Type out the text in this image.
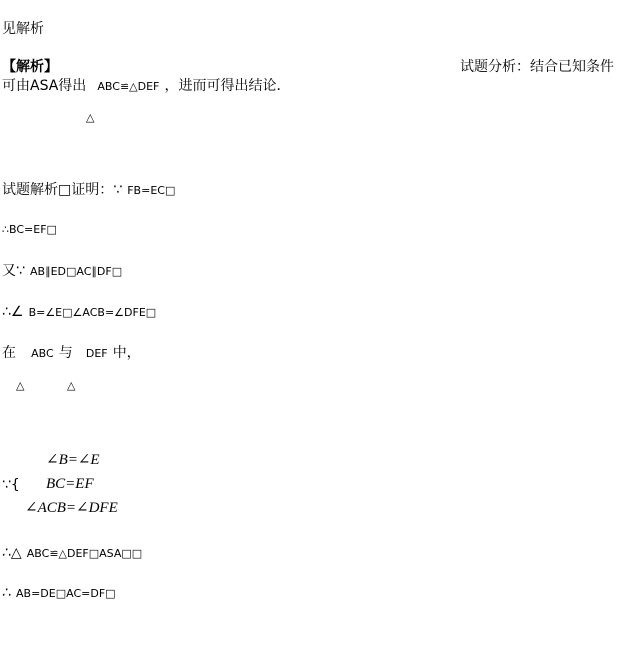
见解析
【解析】	试题分析：结合已知条件
可由ASA得出 ABC≌△DEF ，进而可得出结论．
△
试题解析□证明：∵ FB=EC□
∴BC=EF□
又∵ AB∥ED□AC∥DF□
∴∠ B=∠E□∠ACB=∠DFE□
在 ABC 与 DEF 中，
△	△
∵{
∠B=∠E
BC=EF
∠ACB=∠DFE
∴△ ABC≌△DEF□ASA□□
∴ AB=DE□AC=DF□
